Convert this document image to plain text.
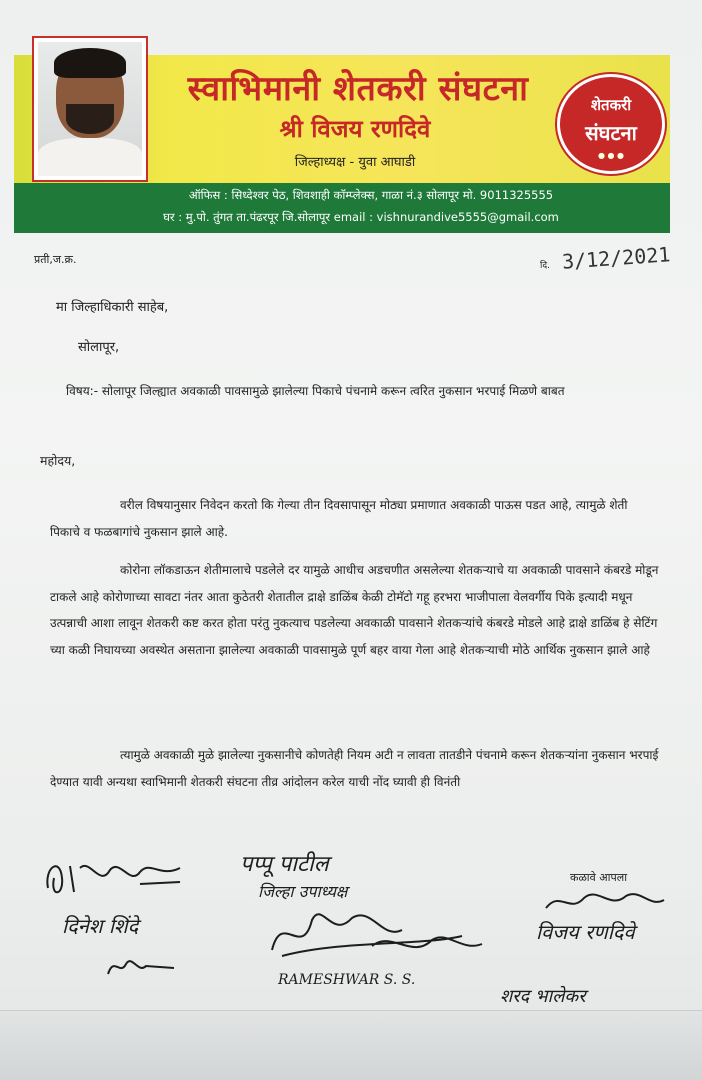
स्वाभिमानी शेतकरी संघटना
श्री विजय रणदिवे
जिल्हाध्यक्ष - युवा आघाडी
शेतकरी
संघटना
● ● ●
ऑफिस : सिध्देश्वर पेठ, शिवशाही कॉम्प्लेक्स, गाळा नं.३ सोलापूर मो. 9011325555
घर : मु.पो. तुंगत ता.पंढरपूर जि.सोलापूर email : vishnurandive5555@gmail.com
प्रती,ज.क्र.	दि. 3/12/2021
मा जिल्हाधिकारी साहेब,
सोलापूर,
विषय:- सोलापूर जिल्ह्यात अवकाळी पावसामुळे झालेल्या पिकाचे पंचनामे करून त्वरित नुकसान भरपाई मिळणे बाबत
महोदय,
वरील विषयानुसार निवेदन करतो कि गेल्या तीन दिवसापासून मोठ्या प्रमाणात अवकाळी पाऊस पडत आहे, त्यामुळे शेती पिकाचे व फळबागांचे नुकसान झाले आहे.
कोरोना लॉकडाऊन शेतीमालाचे पडलेले दर यामुळे आधीच अडचणीत असलेल्या शेतकऱ्याचे या अवकाळी पावसाने कंबरडे मोडून टाकले आहे कोरोणाच्या सावटा नंतर आता कुठेतरी शेतातील द्राक्षे डाळिंब केळी टोमॅटो गहू हरभरा भाजीपाला वेलवर्गीय पिके इत्यादी मधून उत्पन्नाची आशा लावून शेतकरी कष्ट करत होता परंतु नुकत्याच पडलेल्या अवकाळी पावसाने शेतकऱ्यांचे कंबरडे मोडले आहे द्राक्षे डाळिंब हे सेटिंग च्या कळी निघायच्या अवस्थेत असताना झालेल्या अवकाळी पावसामुळे पूर्ण बहर वाया गेला आहे शेतकऱ्याची मोठे आर्थिक नुकसान झाले आहे
त्यामुळे अवकाळी मुळे झालेल्या नुकसानीचे कोणतेही नियम अटी न लावता तातडीने पंचनामे करून शेतकऱ्यांना नुकसान भरपाई देण्यात यावी अन्यथा स्वाभिमानी शेतकरी संघटना तीव्र आंदोलन करेल याची नोंद घ्यावी ही विनंती
दिनेश शिंदे
पप्पू पाटील
जिल्हा उपाध्यक्ष
RAMESHWAR S. S.
कळावे आपला
विजय रणदिवे
शरद भालेकर
